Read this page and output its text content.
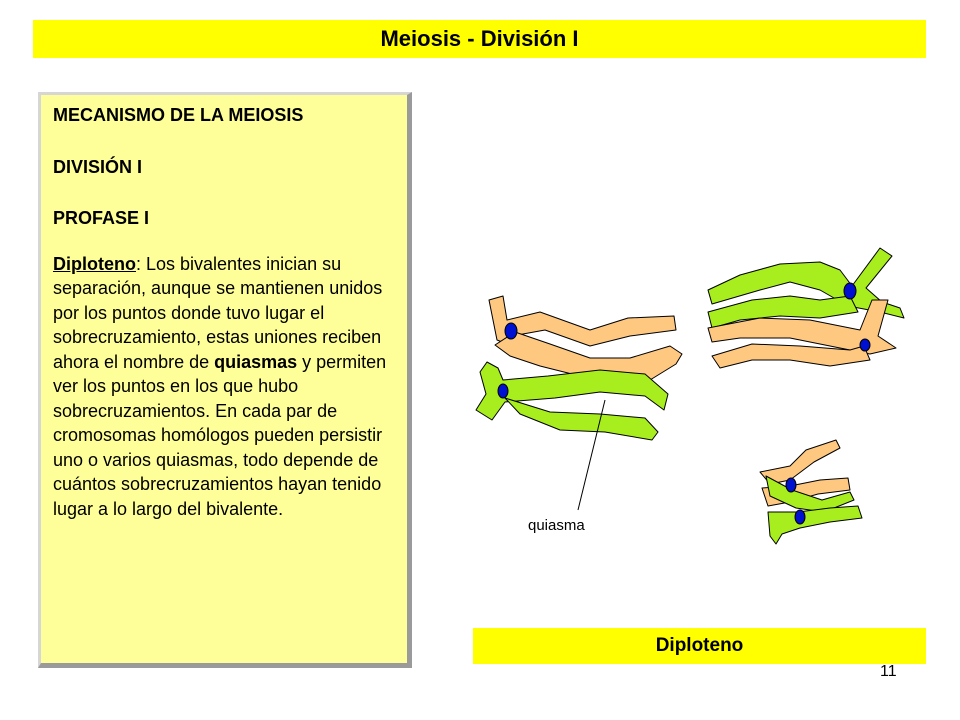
Meiosis - División I
MECANISMO DE LA MEIOSIS
DIVISIÓN I
PROFASE I
Diploteno: Los bivalentes inician su separación, aunque se mantienen unidos por los puntos donde tuvo lugar el sobrecruzamiento, estas uniones reciben ahora el nombre de quiasmas y permiten ver los puntos en los que hubo sobrecruzamientos. En cada par de cromosomas homólogos pueden persistir uno o varios quiasmas, todo depende de cuántos sobrecruzamientos hayan tenido lugar a lo largo del bivalente.
quiasma
Diploteno
11
